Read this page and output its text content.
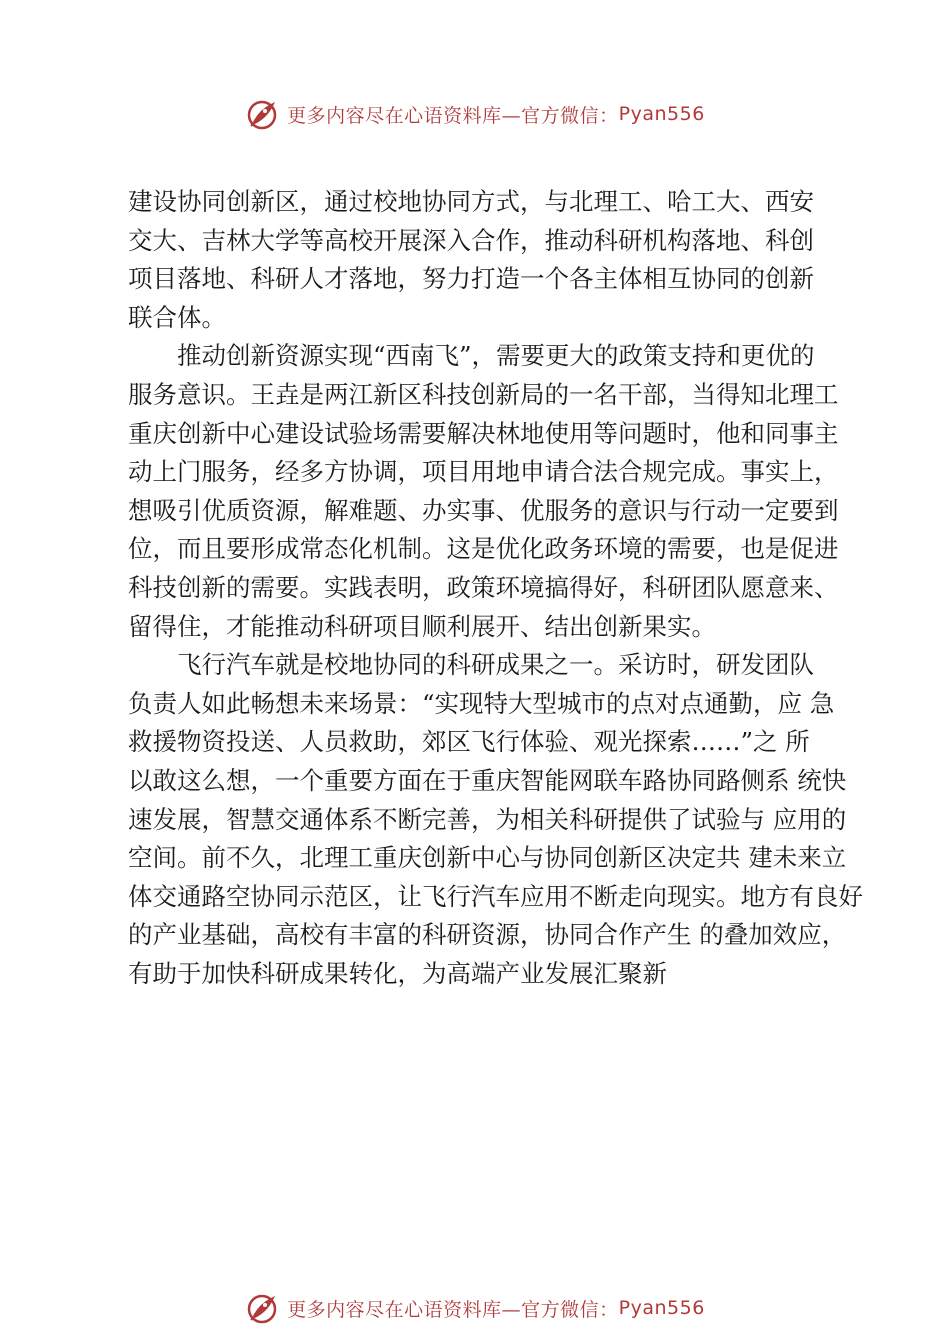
更多内容尽在心语资料库—官方微信： Pyan556
建设协同创新区，通过校地协同方式，与北理工、哈工大、西安
交大、吉林大学等高校开展深入合作，推动科研机构落地、科创
项目落地、科研人才落地，努力打造一个各主体相互协同的创新
联合体。
　　推动创新资源实现“西南飞”，需要更大的政策支持和更优的
服务意识。王垚是两江新区科技创新局的一名干部，当得知北理工
重庆创新中心建设试验场需要解决林地使用等问题时，他和同事主
动上门服务，经多方协调，项目用地申请合法合规完成。事实上，
想吸引优质资源，解难题、办实事、优服务的意识与行动一定要到
位，而且要形成常态化机制。这是优化政务环境的需要，也是促进
科技创新的需要。实践表明，政策环境搞得好，科研团队愿意来、
留得住，才能推动科研项目顺利展开、结出创新果实。
　　飞行汽车就是校地协同的科研成果之一。采访时，研发团队
负责人如此畅想未来场景：“实现特大型城市的点对点通勤，应 急
救援物资投送、人员救助，郊区飞行体验、观光探索……”之 所
以敢这么想，一个重要方面在于重庆智能网联车路协同路侧系 统快
速发展，智慧交通体系不断完善，为相关科研提供了试验与 应用的
空间。前不久，北理工重庆创新中心与协同创新区决定共 建未来立
体交通路空协同示范区，让飞行汽车应用不断走向现实。地方有良好
的产业基础，高校有丰富的科研资源，协同合作产生 的叠加效应，
有助于加快科研成果转化，为高端产业发展汇聚新
更多内容尽在心语资料库—官方微信： Pyan556
